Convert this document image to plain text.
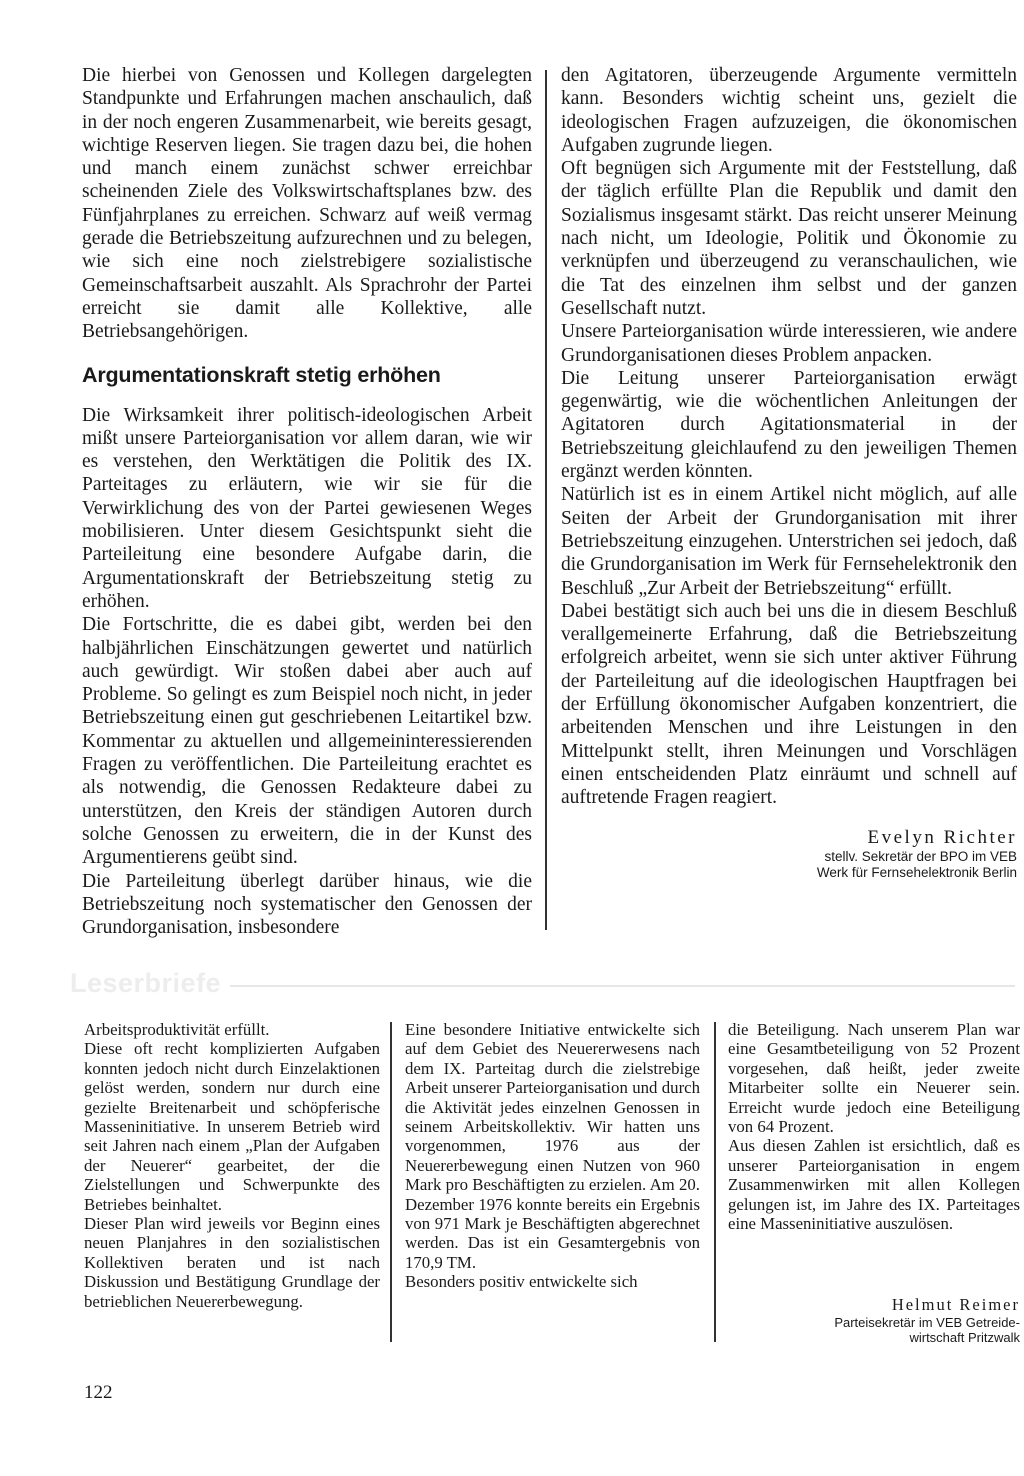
Die hierbei von Genossen und Kollegen dargelegten Standpunkte und Erfahrungen machen anschaulich, daß in der noch engeren Zusammenarbeit, wie bereits gesagt, wichtige Reserven liegen. Sie tragen dazu bei, die hohen und manch einem zunächst schwer erreichbar scheinenden Ziele des Volkswirtschaftsplanes bzw. des Fünfjahrplanes zu erreichen. Schwarz auf weiß vermag gerade die Betriebszeitung aufzurechnen und zu belegen, wie sich eine noch zielstrebigere sozialistische Gemeinschaftsarbeit auszahlt. Als Sprachrohr der Partei erreicht sie damit alle Kollektive, alle Betriebsangehörigen.

Argumentationskraft stetig erhöhen

Die Wirksamkeit ihrer politisch-ideologischen Arbeit mißt unsere Parteiorganisation vor allem daran, wie wir es verstehen, den Werktätigen die Politik des IX. Parteitages zu erläutern, wie wir sie für die Verwirklichung des von der Partei gewiesenen Weges mobilisieren. Unter diesem Gesichtspunkt sieht die Parteileitung eine besondere Aufgabe darin, die Argumentationskraft der Betriebszeitung stetig zu erhöhen.

Die Fortschritte, die es dabei gibt, werden bei den halbjährlichen Einschätzungen gewertet und natürlich auch gewürdigt. Wir stoßen dabei aber auch auf Probleme. So gelingt es zum Beispiel noch nicht, in jeder Betriebszeitung einen gut geschriebenen Leitartikel bzw. Kommentar zu aktuellen und allgemeininteressierenden Fragen zu veröffentlichen. Die Parteileitung erachtet es als notwendig, die Genossen Redakteure dabei zu unterstützen, den Kreis der ständigen Autoren durch solche Genossen zu erweitern, die in der Kunst des Argumentierens geübt sind.

Die Parteileitung überlegt darüber hinaus, wie die Betriebszeitung noch systematischer den Genossen der Grundorganisation, insbesondere

den Agitatoren, überzeugende Argumente vermitteln kann. Besonders wichtig scheint uns, gezielt die ideologischen Fragen aufzuzeigen, die ökonomischen Aufgaben zugrunde liegen.

Oft begnügen sich Argumente mit der Feststellung, daß der täglich erfüllte Plan die Republik und damit den Sozialismus insgesamt stärkt. Das reicht unserer Meinung nach nicht, um Ideologie, Politik und Ökonomie zu verknüpfen und überzeugend zu veranschaulichen, wie die Tat des einzelnen ihm selbst und der ganzen Gesellschaft nutzt.

Unsere Parteiorganisation würde interessieren, wie andere Grundorganisationen dieses Problem anpacken.

Die Leitung unserer Parteiorganisation erwägt gegenwärtig, wie die wöchentlichen Anleitungen der Agitatoren durch Agitationsmaterial in der Betriebszeitung gleichlaufend zu den jeweiligen Themen ergänzt werden könnten.

Natürlich ist es in einem Artikel nicht möglich, auf alle Seiten der Arbeit der Grundorganisation mit ihrer Betriebszeitung einzugehen. Unterstrichen sei jedoch, daß die Grundorganisation im Werk für Fernsehelektronik den Beschluß „Zur Arbeit der Betriebszeitung“ erfüllt.

Dabei bestätigt sich auch bei uns die in diesem Beschluß verallgemeinerte Erfahrung, daß die Betriebszeitung erfolgreich arbeitet, wenn sie sich unter aktiver Führung der Parteileitung auf die ideologischen Hauptfragen bei der Erfüllung ökonomischer Aufgaben konzentriert, die arbeitenden Menschen und ihre Leistungen in den Mittelpunkt stellt, ihren Meinungen und Vorschlägen einen entscheidenden Platz einräumt und schnell auf auftretende Fragen reagiert.

Evelyn Richter
stellv. Sekretär der BPO im VEB
Werk für Fernsehelektronik Berlin
Leserbriefe

Arbeitsproduktivität erfüllt.

Diese oft recht komplizierten Aufgaben konnten jedoch nicht durch Einzelaktionen gelöst werden, sondern nur durch eine gezielte Breitenarbeit und schöpferische Masseninitiative. In unserem Betrieb wird seit Jahren nach einem „Plan der Aufgaben der Neuerer“ gearbeitet, der die Zielstellungen und Schwerpunkte des Betriebes beinhaltet.

Dieser Plan wird jeweils vor Beginn eines neuen Planjahres in den sozialistischen Kollektiven beraten und ist nach Diskussion und Bestätigung Grundlage der betrieblichen Neuererbewegung.

Eine besondere Initiative entwickelte sich auf dem Gebiet des Neuererwesens nach dem IX. Parteitag durch die zielstrebige Arbeit unserer Parteiorganisation und durch die Aktivität jedes einzelnen Genossen in seinem Arbeitskollektiv. Wir hatten uns vorgenommen, 1976 aus der Neuererbewegung einen Nutzen von 960 Mark pro Beschäftigten zu erzielen. Am 20. Dezember 1976 konnte bereits ein Ergebnis von 971 Mark je Beschäftigten abgerechnet werden. Das ist ein Gesamtergebnis von 170,9 TM.

Besonders positiv entwickelte sich

die Beteiligung. Nach unserem Plan war eine Gesamtbeteiligung von 52 Prozent vorgesehen, daß heißt, jeder zweite Mitarbeiter sollte ein Neuerer sein. Erreicht wurde jedoch eine Beteiligung von 64 Prozent.

Aus diesen Zahlen ist ersichtlich, daß es unserer Parteiorganisation in engem Zusammenwirken mit allen Kollegen gelungen ist, im Jahre des IX. Parteitages eine Masseninitiative auszulösen.

Helmut Reimer
Parteisekretär im VEB Getreide-
wirtschaft Pritzwalk
122
